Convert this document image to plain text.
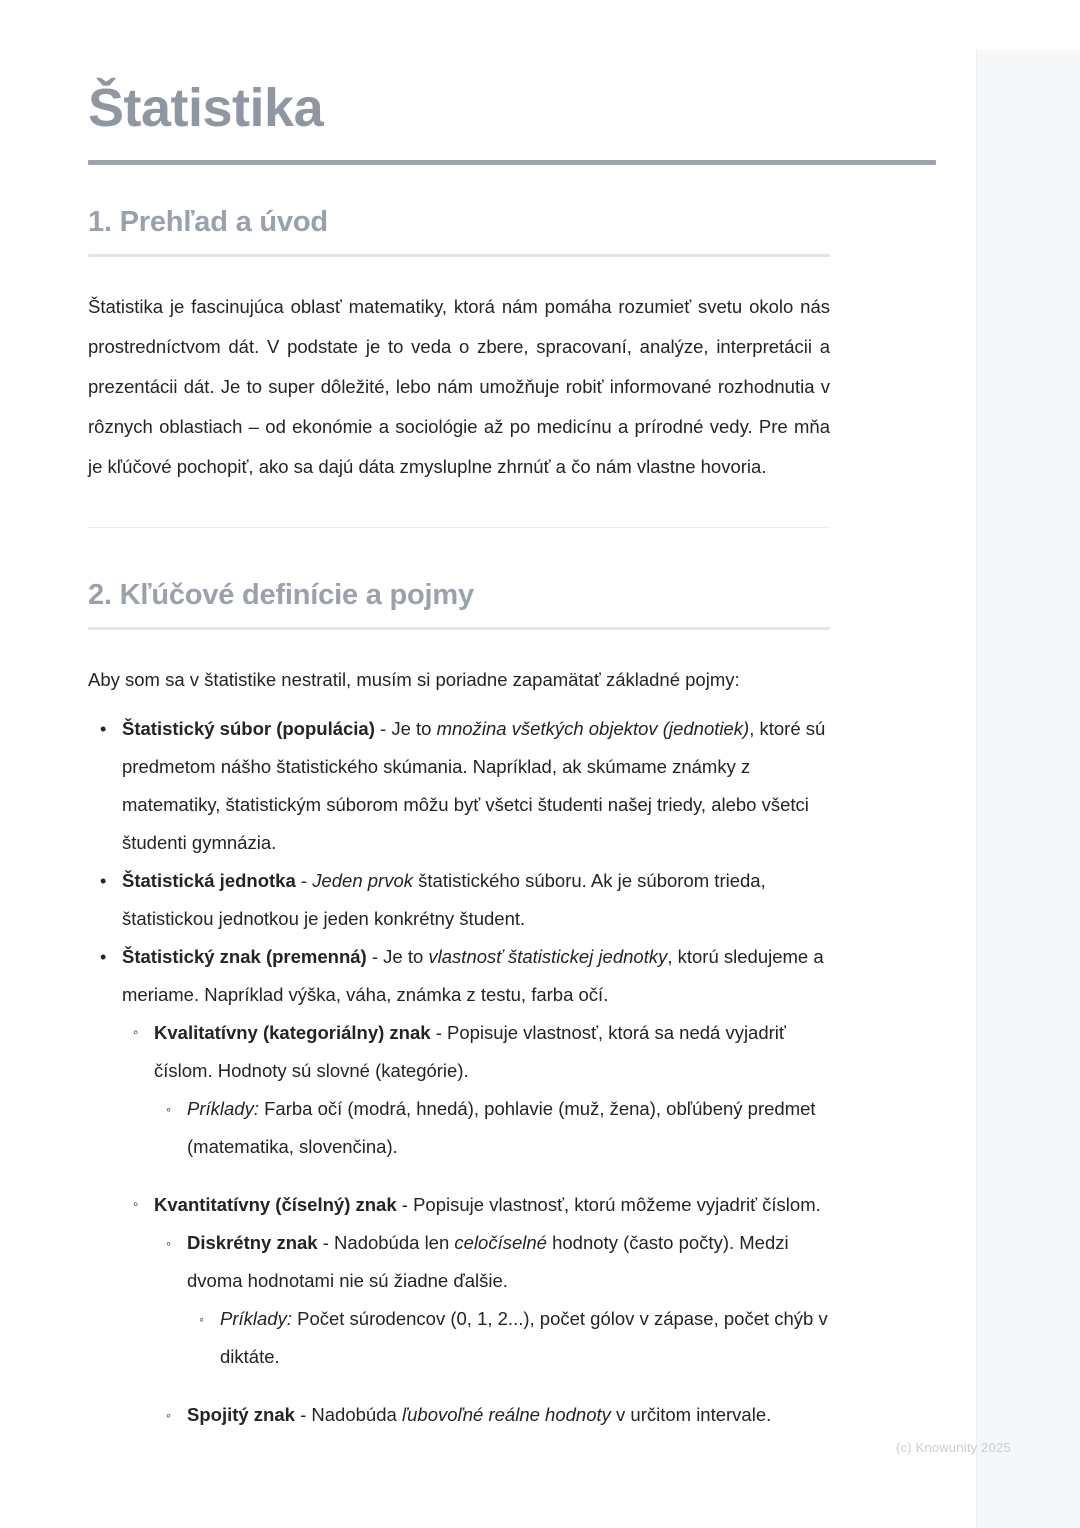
Štatistika
1. Prehľad a úvod

Štatistika je fascinujúca oblasť matematiky, ktorá nám pomáha rozumieť svetu okolo nás prostredníctvom dát. V podstate je to veda o zbere, spracovaní, analýze, interpretácii a prezentácii dát. Je to super dôležité, lebo nám umožňuje robiť informované rozhodnutia v rôznych oblastiach – od ekonómie a sociológie až po medicínu a prírodné vedy. Pre mňa je kľúčové pochopiť, ako sa dajú dáta zmysluplne zhrnúť a čo nám vlastne hovoria.

2. Kľúčové definície a pojmy

Aby som sa v štatistike nestratil, musím si poriadne zapamätať základné pojmy:

• Štatistický súbor (populácia) - Je to množina všetkých objektov (jednotiek), ktoré sú predmetom nášho štatistického skúmania. Napríklad, ak skúmame známky z matematiky, štatistickým súborom môžu byť všetci študenti našej triedy, alebo všetci študenti gymnázia.
• Štatistická jednotka - Jeden prvok štatistického súboru. Ak je súborom trieda, štatistickou jednotkou je jeden konkrétny študent.
• Štatistický znak (premenná) - Je to vlastnosť štatistickej jednotky, ktorú sledujeme a meriame. Napríklad výška, váha, známka z testu, farba očí.
◦ Kvalitatívny (kategoriálny) znak - Popisuje vlastnosť, ktorá sa nedá vyjadriť číslom. Hodnoty sú slovné (kategórie).
◦ Príklady: Farba očí (modrá, hnedá), pohlavie (muž, žena), obľúbený predmet (matematika, slovenčina).
◦ Kvantitatívny (číselný) znak - Popisuje vlastnosť, ktorú môžeme vyjadriť číslom.
◦ Diskrétny znak - Nadobúda len celočíselné hodnoty (často počty). Medzi dvoma hodnotami nie sú žiadne ďalšie.
◦ Príklady: Počet súrodencov (0, 1, 2...), počet gólov v zápase, počet chýb v diktáte.
◦ Spojitý znak - Nadobúda ľubovoľné reálne hodnoty v určitom intervale.
(c) Knowunity 2025
